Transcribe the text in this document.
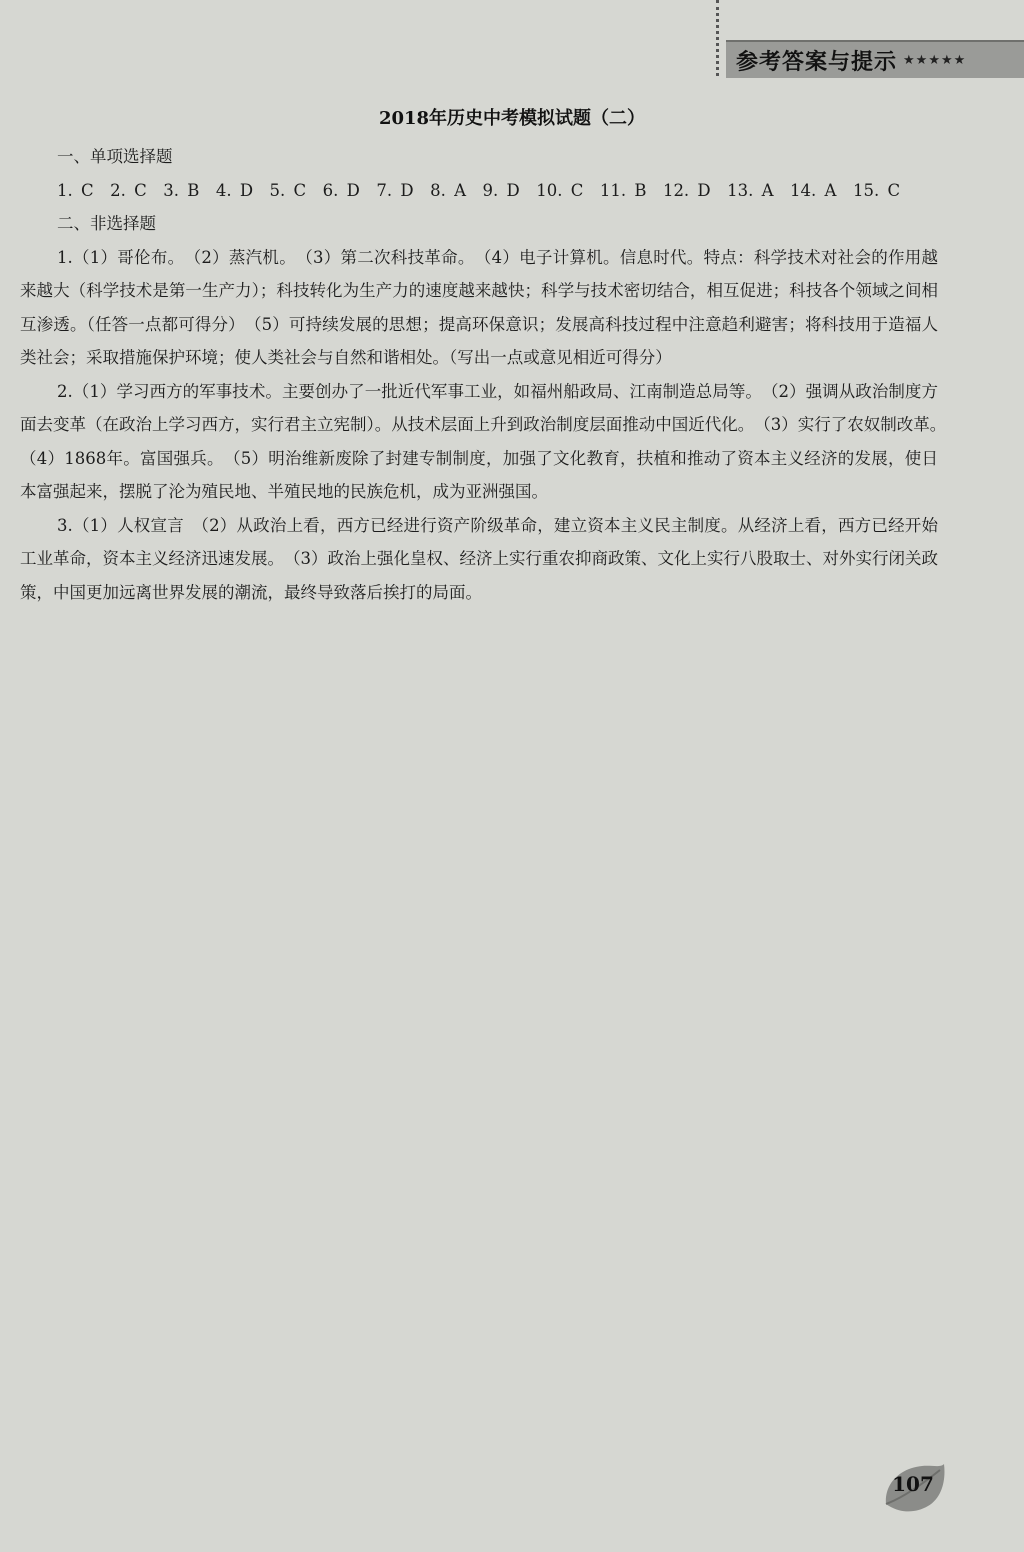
参考答案与提示 ★★★★★
2018年历史中考模拟试题（二）
一、单项选择题
1. C　2. C　3. B　4. D　5. C　6. D　7. D　8. A　9. D　10. C　11. B　12. D　13. A　14. A　15. C
二、非选择题
1.（1）哥伦布。　（2）蒸汽机。　（3）第二次科技革命。　（4）电子计算机。信息时代。特点：科学技术对社会的作用越来越大（科学技术是第一生产力）；科技转化为生产力的速度越来越快；科学与技术密切结合，相互促进；科技各个领域之间相互渗透。（任答一点都可得分）　（5）可持续发展的思想；提高环保意识；发展高科技过程中注意趋利避害；将科技用于造福人类社会；采取措施保护环境；使人类社会与自然和谐相处。（写出一点或意见相近可得分）
2.（1）学习西方的军事技术。主要创办了一批近代军事工业，如福州船政局、江南制造总局等。　（2）强调从政治制度方面去变革（在政治上学习西方，实行君主立宪制）。从技术层面上升到政治制度层面推动中国近代化。　（3）实行了农奴制改革。　（4）1868年。富国强兵。　（5）明治维新废除了封建专制制度，加强了文化教育，扶植和推动了资本主义经济的发展，使日本富强起来，摆脱了沦为殖民地、半殖民地的民族危机，成为亚洲强国。
3.（1）人权宣言　（2）从政治上看，西方已经进行资产阶级革命，建立资本主义民主制度。从经济上看，西方已经开始工业革命，资本主义经济迅速发展。　（3）政治上强化皇权、经济上实行重农抑商政策、文化上实行八股取士、对外实行闭关政策，中国更加远离世界发展的潮流，最终导致落后挨打的局面。
107
